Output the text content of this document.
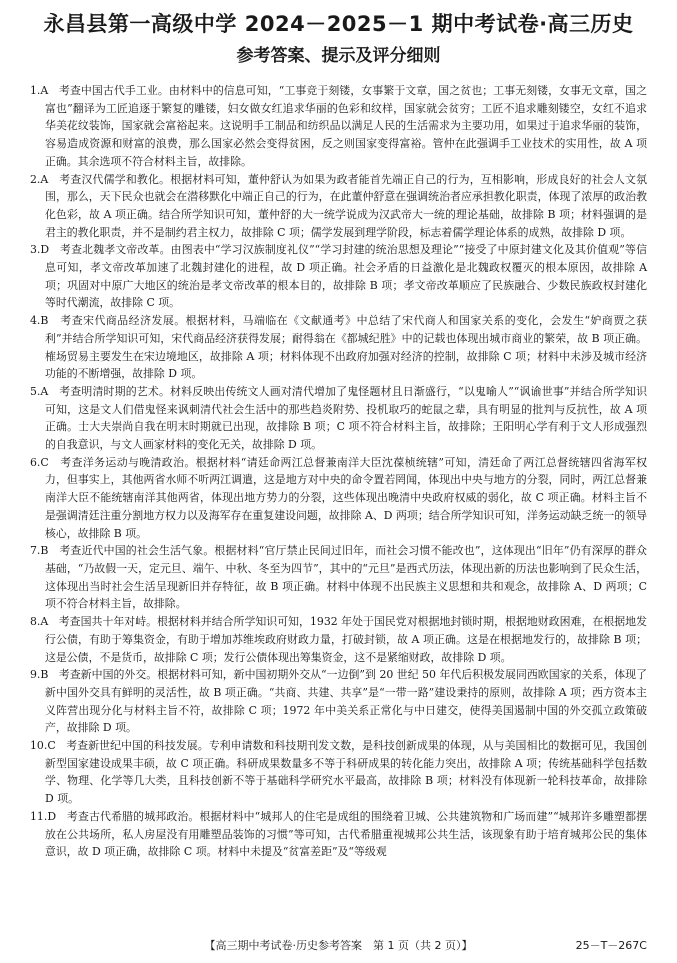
永昌县第一高级中学 2024－2025－1 期中考试卷·高三历史
参考答案、提示及评分细则

1.A 考查中国古代手工业。由材料中的信息可知，“工事竞于刻镂，女事繁于文章，国之贫也；工事无刻镂，女事无文章，国之富也”翻译为工匠追逐于繁复的雕镂，妇女做女红追求华丽的色彩和纹样，国家就会贫穷；工匠不追求雕刻镂空，女红不追求华美花纹装饰，国家就会富裕起来。这说明手工制品和纺织品以满足人民的生活需求为主要功用，如果过于追求华丽的装饰，容易造成资源和财富的浪费，那么国家必然会变得贫困，反之则国家变得富裕。管仲在此强调手工业技术的实用性，故 A 项正确。其余选项不符合材料主旨，故排除。

2.A 考查汉代儒学和教化。根据材料可知，董仲舒认为如果为政者能首先端正自己的行为，互相影响，形成良好的社会人文氛围，那么，天下民众也就会在潜移默化中端正自己的行为，在此董仲舒意在强调统治者应承担教化职责，体现了浓厚的政治教化色彩，故 A 项正确。结合所学知识可知，董仲舒的大一统学说成为汉武帝大一统的理论基础，故排除 B 项；材料强调的是君主的教化职责，并不是制约君主权力，故排除 C 项；儒学发展到理学阶段，标志着儒学理论体系的成熟，故排除 D 项。

3.D 考查北魏孝文帝改革。由图表中“学习汉族制度礼仪”“学习封建的统治思想及理论”“接受了中原封建文化及其价值观”等信息可知，孝文帝改革加速了北魏封建化的进程，故 D 项正确。社会矛盾的日益激化是北魏政权覆灭的根本原因，故排除 A 项；巩固对中原广大地区的统治是孝文帝改革的根本目的，故排除 B 项；孝文帝改革顺应了民族融合、少数民族政权封建化等时代潮流，故排除 C 项。

4.B 考查宋代商品经济发展。根据材料，马端临在《文献通考》中总结了宋代商人和国家关系的变化，会发生“妒商贾之获利”并结合所学知识可知，宋代商品经济获得发展；耐得翁在《都城纪胜》中的记载也体现出城市商业的繁荣，故 B 项正确。榷场贸易主要发生在宋边境地区，故排除 A 项；材料体现不出政府加强对经济的控制，故排除 C 项；材料中未涉及城市经济功能的不断增强，故排除 D 项。

5.A 考查明清时期的艺术。材料反映出传统文人画对清代增加了鬼怪题材且日渐盛行，“以鬼喻人”“讽谕世事”并结合所学知识可知，这是文人们借鬼怪来讽刺清代社会生活中的那些趋炎附势、投机取巧的蛇鼠之辈，具有明显的批判与反抗性，故 A 项正确。士大夫崇尚自我在明末时期就已出现，故排除 B 项；C 项不符合材料主旨，故排除；王阳明心学有利于文人形成强烈的自我意识，与文人画家材料的变化无关，故排除 D 项。

6.C 考查洋务运动与晚清政治。根据材料“请廷命两江总督兼南洋大臣沈葆桢统辖”可知，清廷命了两江总督统辖四省海军权力，但事实上，其他两省水师不听两江调遣，这是地方对中央的命令置若罔闻，体现出中央与地方的分裂，同时，两江总督兼南洋大臣不能统辖南洋其他两省，体现出地方势力的分裂，这些体现出晚清中央政府权威的弱化，故 C 项正确。材料主旨不是强调清廷注重分割地方权力以及海军存在重复建设问题，故排除 A、D 两项；结合所学知识可知，洋务运动缺乏统一的领导核心，故排除 B 项。

7.B 考查近代中国的社会生活气象。根据材料“官厅禁止民间过旧年，而社会习惯不能改也”，这体现出“旧年”仍有深厚的群众基础，“乃故假一天，定元旦、端午、中秋、冬至为四节”，其中的“元旦”是西式历法，体现出新的历法也影响到了民众生活，这体现出当时社会生活呈现新旧并存特征，故 B 项正确。材料中体现不出民族主义思想和共和观念，故排除 A、D 两项；C 项不符合材料主旨，故排除。

8.A 考查国共十年对峙。根据材料并结合所学知识可知，1932 年处于国民党对根据地封锁时期，根据地财政困难，在根据地发行公债，有助于筹集资金，有助于增加苏维埃政府财政力量，打破封锁，故 A 项正确。这是在根据地发行的，故排除 B 项；这是公债，不是货币，故排除 C 项；发行公债体现出筹集资金，这不是紧缩财政，故排除 D 项。

9.B 考查新中国的外交。根据材料可知，新中国初期外交从“一边倒”到 20 世纪 50 年代后积极发展同西欧国家的关系，体现了新中国外交具有鲜明的灵活性，故 B 项正确。“共商、共建、共享”是“一带一路”建设秉持的原则，故排除 A 项；西方资本主义阵营出现分化与材料主旨不符，故排除 C 项；1972 年中美关系正常化与中日建交，使得美国遏制中国的外交孤立政策破产，故排除 D 项。

10.C 考查新世纪中国的科技发展。专利申请数和科技期刊发文数，是科技创新成果的体现，从与美国相比的数据可见，我国创新型国家建设成果丰硕，故 C 项正确。科研成果数量多不等于科研成果的转化能力突出，故排除 A 项；传统基础科学包括数学、物理、化学等几大类，且科技创新不等于基础科学研究水平最高，故排除 B 项；材料没有体现新一轮科技革命，故排除 D 项。

11.D 考查古代希腊的城邦政治。根据材料中“城邦人的住宅是成组的围绕着卫城、公共建筑物和广场而建”“城邦许多雕塑都摆放在公共场所，私人房屋没有用雕塑品装饰的习惯”等可知，古代希腊重视城邦公共生活，该现象有助于培育城邦公民的集体意识，故 D 项正确，故排除 C 项。材料中未提及“贫富差距”及“等级观

【高三期中考试卷·历史参考答案　第 1 页（共 2 页）】	25－T－267C
